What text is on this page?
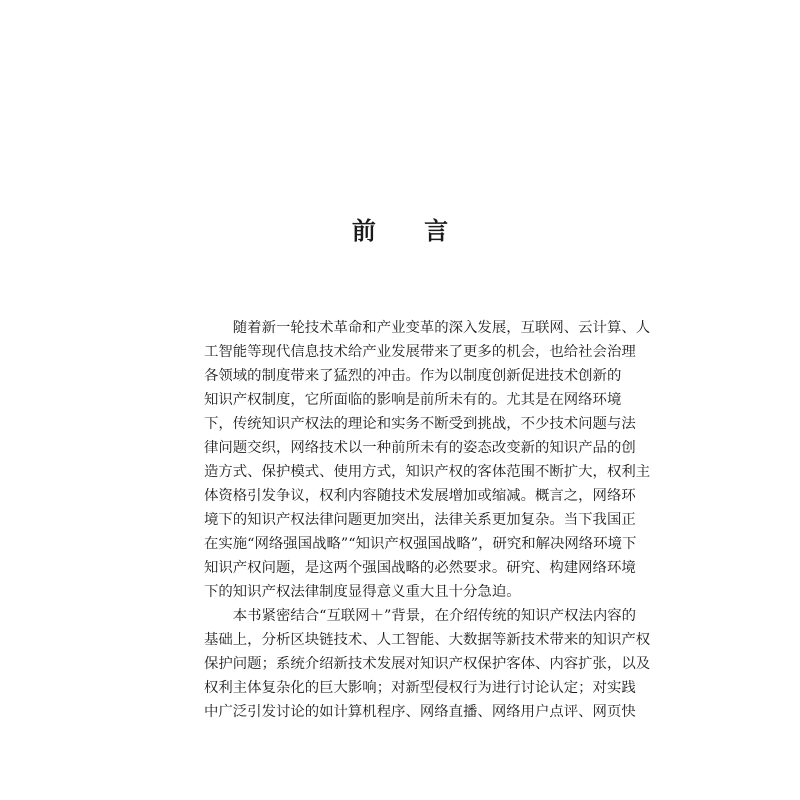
前 言
　　随着新一轮技术革命和产业变革的深入发展，互联网、云计算、人
工智能等现代信息技术给产业发展带来了更多的机会，也给社会治理
各领域的制度带来了猛烈的冲击。作为以制度创新促进技术创新的
知识产权制度，它所面临的影响是前所未有的。尤其是在网络环境
下，传统知识产权法的理论和实务不断受到挑战，不少技术问题与法
律问题交织，网络技术以一种前所未有的姿态改变新的知识产品的创
造方式、保护模式、使用方式，知识产权的客体范围不断扩大，权利主
体资格引发争议，权利内容随技术发展增加或缩减。概言之，网络环
境下的知识产权法律问题更加突出，法律关系更加复杂。当下我国正
在实施“网络强国战略”“知识产权强国战略”，研究和解决网络环境下
知识产权问题，是这两个强国战略的必然要求。研究、构建网络环境
下的知识产权法律制度显得意义重大且十分急迫。
　　本书紧密结合“互联网＋”背景，在介绍传统的知识产权法内容的
基础上，分析区块链技术、人工智能、大数据等新技术带来的知识产权
保护问题；系统介绍新技术发展对知识产权保护客体、内容扩张，以及
权利主体复杂化的巨大影响；对新型侵权行为进行讨论认定；对实践
中广泛引发讨论的如计算机程序、网络直播、网络用户点评、网页快
